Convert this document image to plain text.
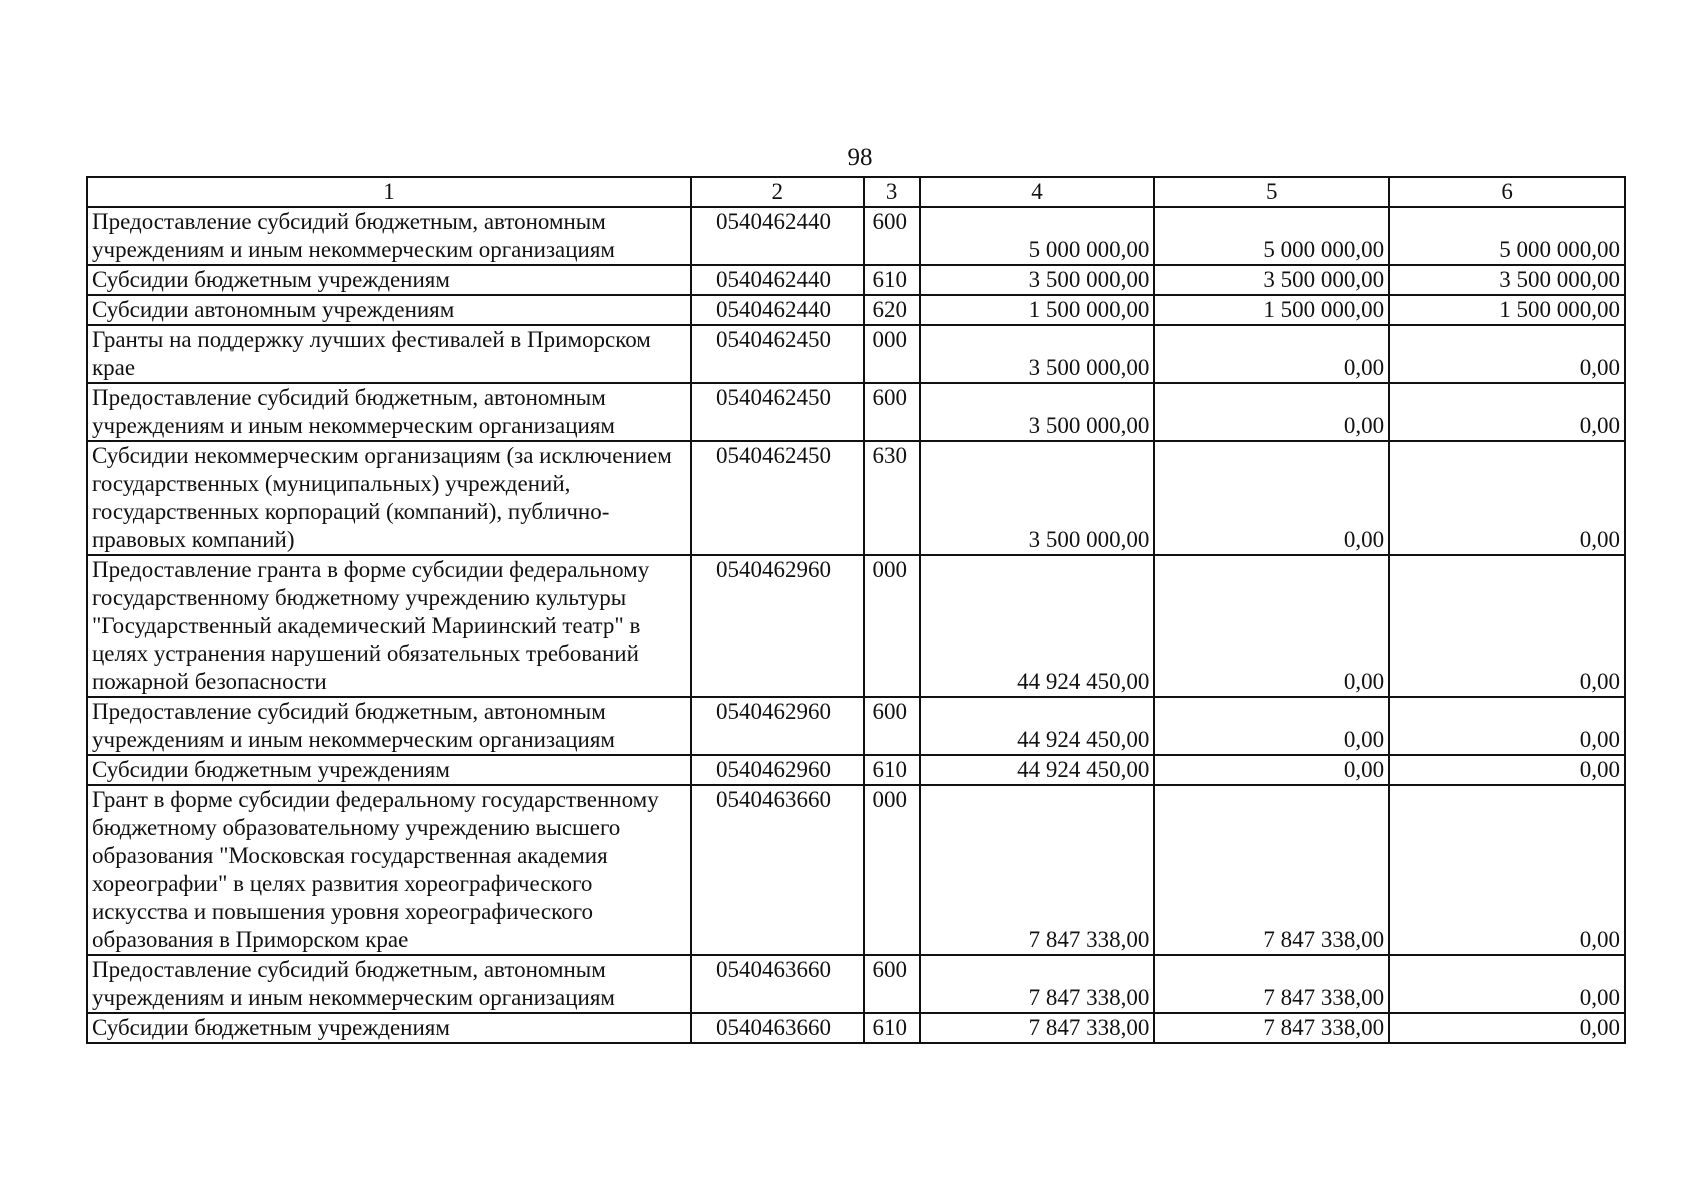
98
1	2	3	4	5	6
Предоставление субсидий бюджетным, автономным учреждениям и иным некоммерческим организациям	0540462440	600	5 000 000,00	5 000 000,00	5 000 000,00
Субсидии бюджетным учреждениям	0540462440	610	3 500 000,00	3 500 000,00	3 500 000,00
Субсидии автономным учреждениям	0540462440	620	1 500 000,00	1 500 000,00	1 500 000,00
Гранты на поддержку лучших фестивалей в Приморском крае	0540462450	000	3 500 000,00	0,00	0,00
Предоставление субсидий бюджетным, автономным учреждениям и иным некоммерческим организациям	0540462450	600	3 500 000,00	0,00	0,00
Субсидии некоммерческим организациям (за исключением государственных (муниципальных) учреждений, государственных корпораций (компаний), публично-правовых компаний)	0540462450	630	3 500 000,00	0,00	0,00
Предоставление гранта в форме субсидии федеральному государственному бюджетному учреждению культуры "Государственный академический Мариинский театр" в целях устранения нарушений обязательных требований пожарной безопасности	0540462960	000	44 924 450,00	0,00	0,00
Предоставление субсидий бюджетным, автономным учреждениям и иным некоммерческим организациям	0540462960	600	44 924 450,00	0,00	0,00
Субсидии бюджетным учреждениям	0540462960	610	44 924 450,00	0,00	0,00
Грант в форме субсидии федеральному государственному бюджетному образовательному учреждению высшего образования "Московская государственная академия хореографии" в целях развития хореографического искусства и повышения уровня хореографического образования в Приморском крае	0540463660	000	7 847 338,00	7 847 338,00	0,00
Предоставление субсидий бюджетным, автономным учреждениям и иным некоммерческим организациям	0540463660	600	7 847 338,00	7 847 338,00	0,00
Субсидии бюджетным учреждениям	0540463660	610	7 847 338,00	7 847 338,00	0,00
